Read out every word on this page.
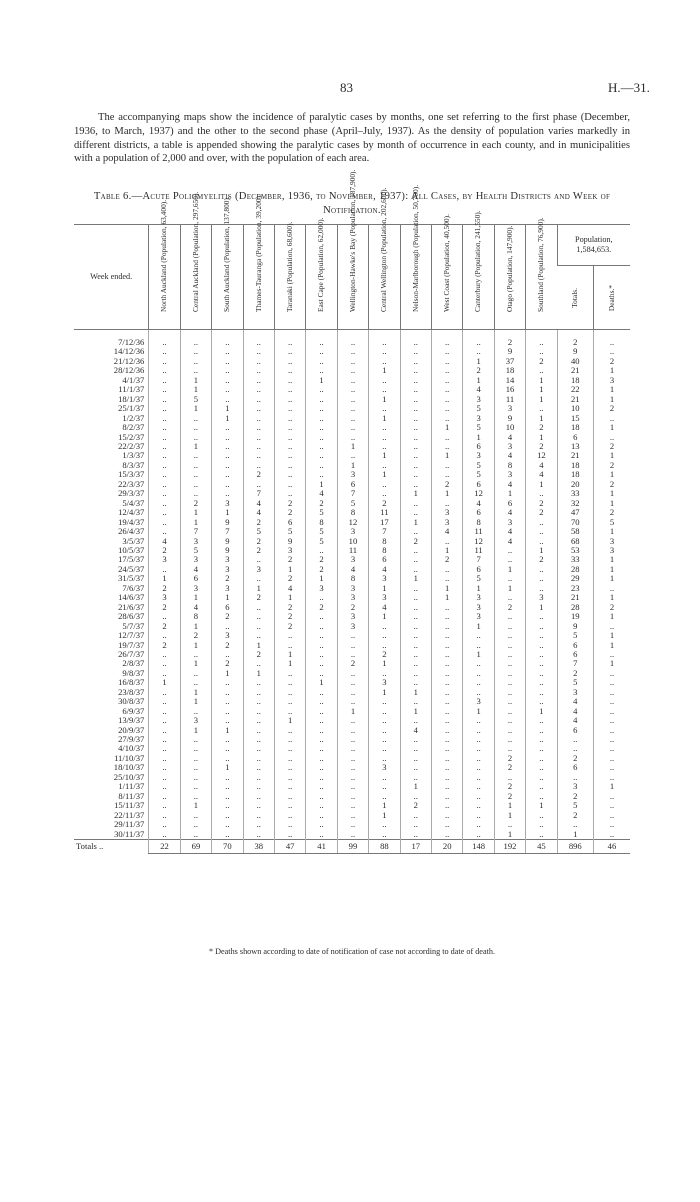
83	H.—31.

The accompanying maps show the incidence of paralytic cases by months, one set referring to the first phase (December, 1936, to March, 1937) and the other to the second phase (April–July, 1937). As the density of population varies markedly in different districts, a table is appended showing the paralytic cases by month of occurrence in each county, and in municipalities with a population of 2,000 and over, with the population of each area.

Table 6.—Acute Poliomyelitis (December, 1936, to November, 1937): All Cases, by Health Districts and Week of Notification.
Week ended.	North Auckland (Population, 63,400).	Central Auckland (Population, 297,650).	South Auckland (Population, 137,800).	Thames-Tauranga (Population, 39,200).	Taranaki (Population, 68,600).	East Cape (Population, 62,000).	Wellington-Hawke's Bay (Population, 187,900).	Central Wellington (Population, 202,600).	Nelson-Marlborough (Population, 50,700).	West Coast (Population, 40,500).	Canterbury (Population, 241,550).	Otago (Population, 147,900).	Southland (Population, 76,900).	Population, 1,584,653.	

														Totals.	Deaths.*

7/12/36	..	..	..	..	..	..	..	..	..	..	..	2	..	2	..
14/12/36	..	..	..	..	..	..	..	..	..	..	..	9	..	9	..
21/12/36	..	..	..	..	..	..	..	..	..	..	1	37	2	40	2
28/12/36	..	..	..	..	..	..	..	1	..	..	2	18	..	21	1
4/1/37	..	1	..	..	..	1	..	..	..	..	1	14	1	18	3
11/1/37	..	1	..	..	..	..	..	..	..	..	4	16	1	22	1
18/1/37	..	5	..	..	..	..	..	1	..	..	3	11	1	21	1
25/1/37	..	1	1	..	..	..	..	..	..	..	5	3	..	10	2
1/2/37	..	..	1	..	..	..	..	1	..	..	3	9	1	15	..
8/2/37	..	..	..	..	..	..	..	..	..	1	5	10	2	18	1
15/2/37	..	..	..	..	..	..	..	..	..	..	1	4	1	6	..
22/2/37	..	1	..	..	..	..	1	..	..	..	6	3	2	13	2
1/3/37	..	..	..	..	..	..	..	1	..	1	3	4	12	21	1
8/3/37	..	..	..	..	..	..	1	..	..	..	5	8	4	18	2
15/3/37	..	..	..	2	..	..	3	1	..	..	5	3	4	18	1
22/3/37	..	..	..	..	..	1	6	..	..	2	6	4	1	20	2
29/3/37	..	..	..	7	..	4	7	..	1	1	12	1	..	33	1
5/4/37	..	2	3	4	2	2	5	2	..	..	4	6	2	32	1
12/4/37	..	1	1	4	2	5	8	11	..	3	6	4	2	47	2
19/4/37	..	1	9	2	6	8	12	17	1	3	8	3	..	70	5
26/4/37	..	7	7	5	5	5	3	7	..	4	11	4	..	58	1
3/5/37	4	3	9	2	9	5	10	8	2	..	12	4	..	68	3
10/5/37	2	5	9	2	3	..	11	8	..	1	11	..	1	53	3
17/5/37	3	3	3	..	2	2	3	6	..	2	7	..	2	33	1
24/5/37	..	4	3	3	1	2	4	4	..	..	6	1	..	28	1
31/5/37	1	6	2	..	2	1	8	3	1	..	5	..	..	29	1
7/6/37	2	3	3	1	4	3	3	1	..	1	1	1	..	23	..
14/6/37	3	1	1	2	1	..	3	3	..	1	3	..	3	21	1
21/6/37	2	4	6	..	2	2	2	4	..	..	3	2	1	28	2
28/6/37	..	8	2	..	2	..	3	1	..	..	3	..	..	19	1
5/7/37	2	1	..	..	2	..	3	..	..	..	1	..	..	9	..
12/7/37	..	2	3	..	..	..	..	..	..	..	..	..	..	5	1
19/7/37	2	1	2	1	..	..	..	..	..	..	..	..	..	6	1
26/7/37	..	..	..	2	1	..	..	2	..	..	1	..	..	6	..
2/8/37	..	1	2	..	1	..	2	1	..	..	..	..	..	7	1
9/8/37	..	..	1	1	..	..	..	..	..	..	..	..	..	2	..
16/8/37	1	..	..	..	..	1	..	3	..	..	..	..	..	5	..
23/8/37	..	1	..	..	..	..	..	1	1	..	..	..	..	3	..
30/8/37	..	1	..	..	..	..	..	..	..	..	3	..	..	4	..
6/9/37	..	..	..	..	..	..	1	..	1	..	1	..	1	4	..
13/9/37	..	3	..	..	1	..	..	..	..	..	..	..	..	4	..
20/9/37	..	1	1	..	..	..	..	..	4	..	..	..	..	6	..
27/9/37	..	..	..	..	..	..	..	..	..	..	..	..	..	..	..
4/10/37	..	..	..	..	..	..	..	..	..	..	..	..	..	..	..
11/10/37	..	..	..	..	..	..	..	..	..	..	..	2	..	2	..
18/10/37	..	..	1	..	..	..	..	3	..	..	..	2	..	6	..
25/10/37	..	..	..	..	..	..	..	..	..	..	..	..	..	..	..
1/11/37	..	..	..	..	..	..	..	..	1	..	..	2	..	3	1
8/11/37	..	..	..	..	..	..	..	..	..	..	..	2	..	2	..
15/11/37	..	1	..	..	..	..	..	1	2	..	..	1	1	5	..
22/11/37	..	..	..	..	..	..	..	1	..	..	..	1	..	2	..
29/11/37	..	..	..	..	..	..	..	..	..	..	..	..	..	..	..
30/11/37	..	..	..	..	..	..	..	..	..	..	..	1	..	1	..
Totals ..	22	69	70	38	47	41	99	88	17	20	148	192	45	896	46
* Deaths shown according to date of notification of case not according to date of death.
